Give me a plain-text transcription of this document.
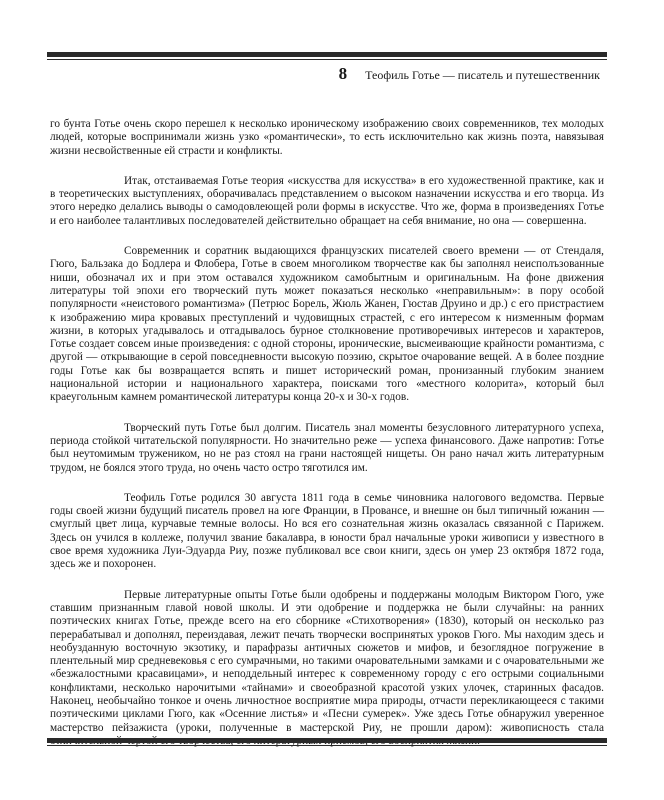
8 Теофиль Готье — писатель и путешественник

го бунта Готье очень скоро перешел к несколько ироническому изображению своих современников, тех молодых людей, которые воспринимали жизнь узко «романтически», то есть исключительно как жизнь поэта, навязывая жизни несвойственные ей страсти и конфликты.

Итак, отстаиваемая Готье теория «искусства для искусства» в его художественной практике, как и в теоретических выступлениях, оборачивалась представлением о высоком назначении искусства и его творца. Из этого нередко делались выводы о самодовлеющей роли формы в искусстве. Что же, форма в произведениях Готье и его наиболее талантливых последователей действительно обращает на себя внимание, но она — совершенна.

Современник и соратник выдающихся французских писателей своего времени — от Стендаля, Гюго, Бальзака до Бодлера и Флобера, Готье в своем многоликом творчестве как бы заполнял неисполъзованные ниши, обозначал их и при этом оставался художником самобытным и оригинальным. На фоне движения литературы той эпохи его творческий путь может показаться несколько «неправильным»: в пору особой популярности «неистового романтизма» (Петрюс Борель, Жюль Жанен, Гюстав Друино и др.) с его пристрастием к изображению мира кровавых преступлений и чудовищных страстей, с его интересом к низменным формам жизни, в которых угадывалось и отгадывалось бурное столкновение противоречивых интересов и характеров, Готье создает совсем иные произведения: с одной стороны, иронические, высмеивающие крайности романтизма, с другой — открывающие в серой повседневности высокую поэзию, скрытое очарование вещей. А в более поздние годы Готье как бы возвращается вспять и пишет исторический роман, пронизанный глубоким знанием национальной истории и национального характера, поисками того «местного колорита», который был краеугольным камнем романтической литературы конца 20-х и 30-х годов.

Творческий путь Готье был долгим. Писатель знал моменты безусловного литературного успеха, периода стойкой читательской популярности. Но значительно реже — успеха финансового. Даже напротив: Готье был неутомимым тружеником, но не раз стоял на грани настоящей нищеты. Он рано начал жить литературным трудом, не боялся этого труда, но очень часто остро тяготился им.

Теофиль Готье родился 30 августа 1811 года в семье чиновника налогового ведомства. Первые годы своей жизни будущий писатель провел на юге Франции, в Провансе, и внешне он был типичный южанин — смуглый цвет лица, курчавые темные волосы. Но вся его сознательная жизнь оказалась связанной с Парижем. Здесь он учился в коллеже, получил звание бакалавра, в юности брал начальные уроки живописи у известного в свое время художника Луи-Эдуарда Риу, позже публиковал все свои книги, здесь он умер 23 октября 1872 года, здесь же и похоронен.

Первые литературные опыты Готье были одобрены и поддержаны молодым Виктором Гюго, уже ставшим признанным главой новой школы. И эти одобрение и поддержка не были случайны: на ранних поэтических книгах Готье, прежде всего на его сборнике «Стихотворения» (1830), который он несколько раз перерабатывал и дополнял, переиздавая, лежит печать творчески воспринятых уроков Гюго. Мы находим здесь и необузданную восточную экзотику, и парафразы античных сюжетов и мифов, и безоглядное погружение в плентельный мир средневековья с его сумрачными, но такими очаровательными замками и с очаровательными же «безжалостными красавицами», и неподдельный интерес к современному городу с его острыми социальными конфликтами, несколько нарочитыми «тайнами» и своеобразной красотой узких улочек, старинных фасадов. Наконец, необычайно тонкое и очень личностное восприятие мира природы, отчасти перекликающееся с такими поэтическими циклами Гюго, как «Осенние листья» и «Песни сумерек». Уже здесь Готье обнаружил уверенное мастерство пейзажиста (уроки, полученные в мастерской Риу, не прошли даром): живописность стала
